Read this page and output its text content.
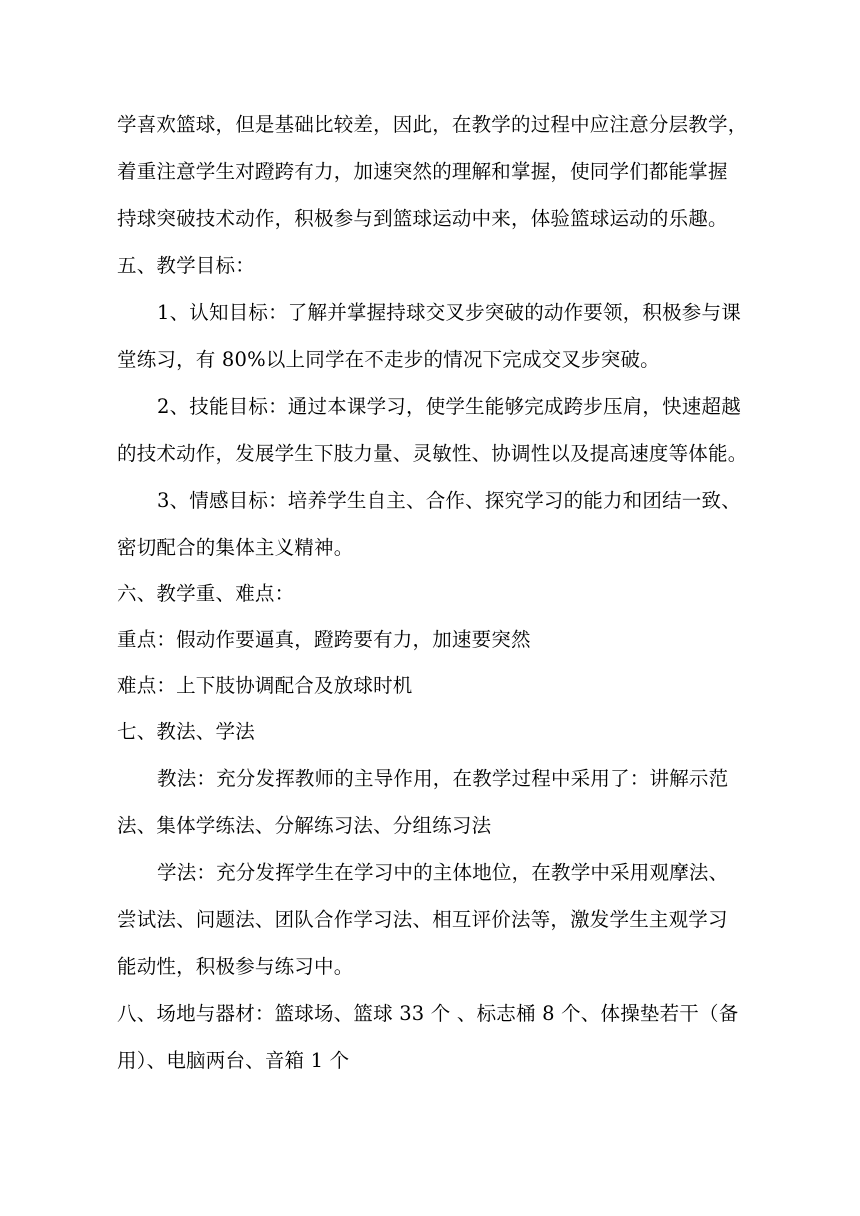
学喜欢篮球，但是基础比较差，因此，在教学的过程中应注意分层教学，
着重注意学生对蹬跨有力，加速突然的理解和掌握，使同学们都能掌握
持球突破技术动作，积极参与到篮球运动中来，体验篮球运动的乐趣。
五、教学目标：
1、认知目标：了解并掌握持球交叉步突破的动作要领，积极参与课
堂练习，有 80%以上同学在不走步的情况下完成交叉步突破。
2、技能目标：通过本课学习，使学生能够完成跨步压肩，快速超越
的技术动作，发展学生下肢力量、灵敏性、协调性以及提高速度等体能。
3、情感目标：培养学生自主、合作、探究学习的能力和团结一致、
密切配合的集体主义精神。
六、教学重、难点：
重点：假动作要逼真，蹬跨要有力，加速要突然
难点：上下肢协调配合及放球时机
七、教法、学法
教法：充分发挥教师的主导作用，在教学过程中采用了：讲解示范
法、集体学练法、分解练习法、分组练习法
学法：充分发挥学生在学习中的主体地位，在教学中采用观摩法、
尝试法、问题法、团队合作学习法、相互评价法等，激发学生主观学习
能动性，积极参与练习中。
八、场地与器材：篮球场、篮球 33 个 、标志桶 8 个、体操垫若干（备
用）、电脑两台、音箱 1 个
